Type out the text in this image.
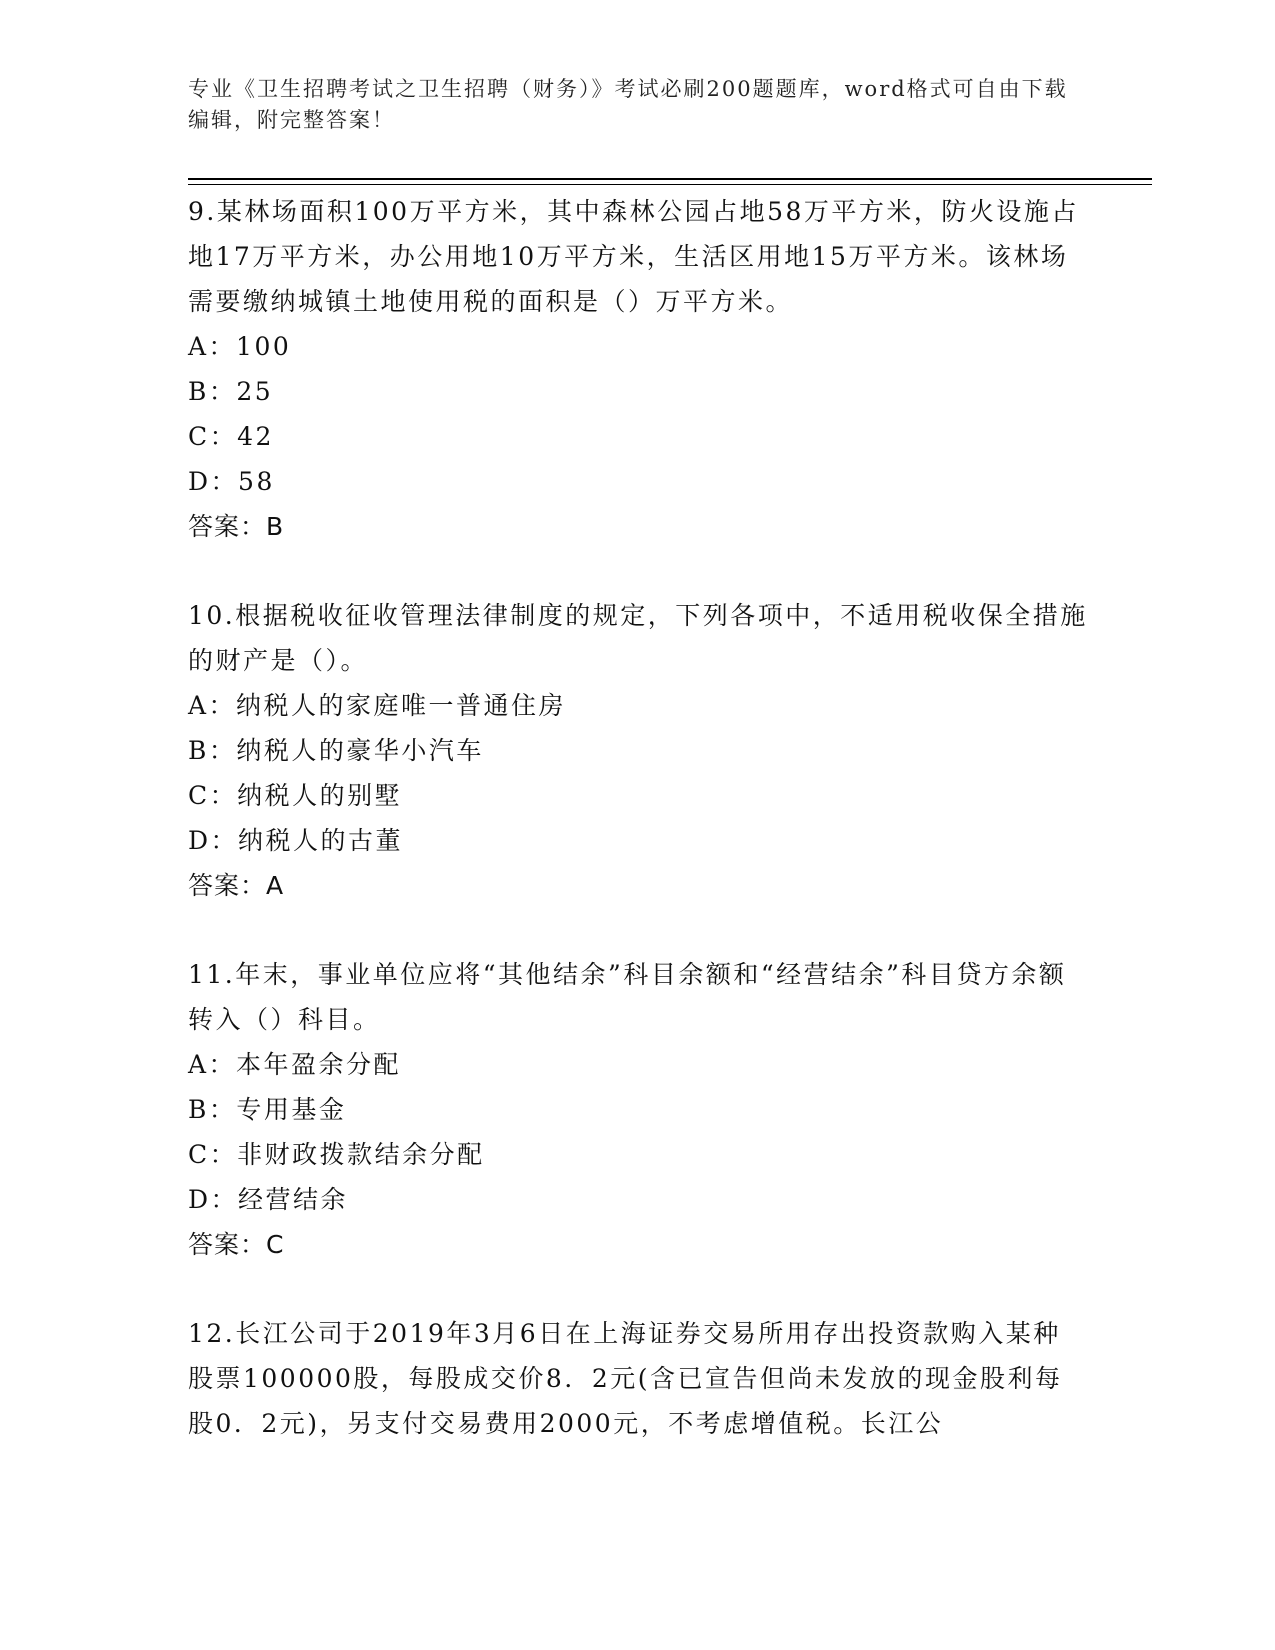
专业《卫生招聘考试之卫生招聘（财务）》考试必刷200题题库，word格式可自由下载编辑，附完整答案！
9.某林场面积100万平方米，其中森林公园占地58万平方米，防火设施占地17万平方米，办公用地10万平方米，生活区用地15万平方米。该林场需要缴纳城镇土地使用税的面积是（）万平方米。
A：100
B：25
C：42
D：58
答案：B
10.根据税收征收管理法律制度的规定，下列各项中，不适用税收保全措施的财产是（）。
A：纳税人的家庭唯一普通住房
B：纳税人的豪华小汽车
C：纳税人的别墅
D：纳税人的古董
答案：A
11.年末，事业单位应将“其他结余”科目余额和“经营结余”科目贷方余额转入（）科目。
A：本年盈余分配
B：专用基金
C：非财政拨款结余分配
D：经营结余
答案：C
12.长江公司于2019年3月6日在上海证券交易所用存出投资款购入某种股票100000股，每股成交价8．2元(含已宣告但尚未发放的现金股利每股0．2元)，另支付交易费用2000元，不考虑增值税。长江公
